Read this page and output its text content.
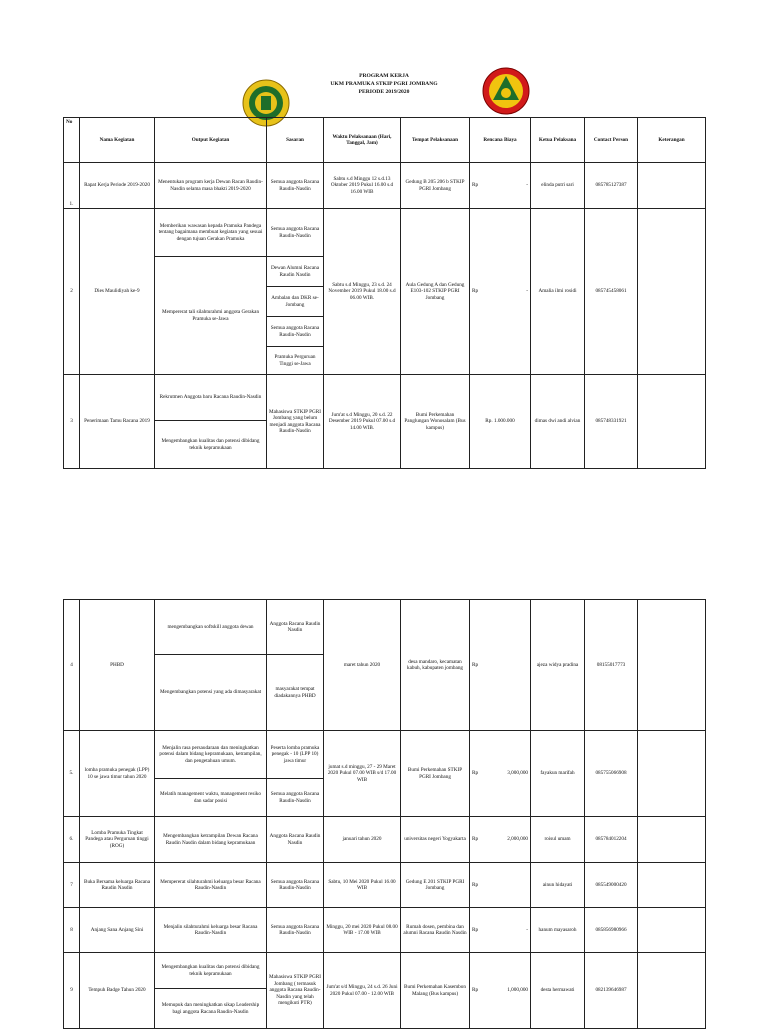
PROGRAM KERJA
UKM PRAMUKA STKIP PGRI JOMBANG
PERIODE 2019/2020
No	Nama Kegiatan	Output Kegiatan	Sasaran	Waktu Pelaksanaan (Hari, Tanggal, Jam)	Tempat Pelaksanaan	Rencana Biaya	Ketua Pelaksana	Contact Person	Keterangan
1.	Rapat Kerja Periode 2019-2020	Menentukan program kerja Dewan Racan Raudin-Nasdin selama masa bhakti 2019-2020	Semua anggota Racana Raudin-Nasdin	Sabtu s.d Minggu 12 s.d.13 Oktober 2019 Pukul 16.00 s.d 16.00 WIB	Gedung B 205 206 b STKIP PGRI Jombang	Rp -	elinda putri sari	085785127387	
2	Dies Maulidiyah ke-9	Memberikan wawasan kepada Pramuka Pandega tentang bagaimana membuat kegiatan yang sesuai dengan tujuan Gerakan Pramuka	Semua anggota Racana Raudin-Nasdin	Sabtu s.d Minggu, 23 s.d. 24 November 2019 Pukul 18.00 s.d 06.00 WIB.	Aula Gedung A dan Gedung E103-102 STKIP PGRI Jombang	Rp -	Amalia ilmi rosidi	085745458061	
		Mempererat tali silahturahmi anggota Gerakan Pramuka se-Jawa	Dewan Alumni Racana Raudin Nasdin						
			Ambalan dan DKR se-Jombang						
			Semua anggota Racana Raudin-Nasdin						
			Pramuka Perguruan Tinggi se-Jawa						
3	Penerimaan Tamu Racana 2019	Rekrutmen Anggota baru Racana Raudin-Nasdin	Mahasiswa STKIP PGRI Jombang yang belum menjadi anggota Racana Raudin-Nasdin	Jum'at s.d Minggu, 20 s.d. 22 Desember 2019 Pukul 07.00 s.d 14.00 WIB.	Bumi Perkemahan Panglungan Wonosalam (Bus kampus)	Rp. 1.000.000	dimas dwi andi alvian	085748331921	
		Mengembangkan kualitas dan potensi dibidang teknik kepramukaan							
4	PHBD	mengembangkan softskill anggota dewan	Anggota Racana Raudin Nasdin	maret tahun 2020	desa mandaro, kecamatan kabuh, kabupaten jombang	Rp	ajeza widya pradina	08155017773	
		Mengembangkan potensi yang ada dimasyarakat	masyarakat tempat diadakannya PHBD						
5.	lomba pramuka penegak (LPP) 10 se jawa timur tahun 2020	Menjalin rasa persaudaraan dan meningkatkan potensi dalam bidang kepramukaan, ketrampilan, dan pengetahuan umum.	Peserta lomba pramuka penegak - 10 (LPP 10) jawa timur	jumat s.d minggu, 27 - 29 Maret 2020 Pukul 07.00 WIB s/d 17.00 WIB	Bumi Perkemahan STKIP PGRI Jombang	Rp 3,000,000	fayakun marifah	085755066908	
		Melatih management waktu, management resiko dan sadar posisi	Semua anggota Racana Raudin-Nasdin						
6.	Lomba Pramuka Tingkat Pandega atau Perguruan tinggi (ROG)	Mengembangkan ketrampilan Dewan Racana Raudin Nasdin dalam bidang kepramukaan	Anggota Racana Raudin Nasdin	januari tahun 2020	universitas negeri Yogyakarta	Rp 2,000,000	roisul umam	085784012204	
7	Buka Bersama keluarga Racana Raudin Nasdin	Mempererat silahturahmi keluarga besar Racana Raudin-Nasdin	Semua anggota Racana Raudin-Nasdin	Sabtu, 10 Mei 2020 Pukul 16.00 WIB	Gedung E 201 STKIP PGRI Jombang	Rp	ainun hidayati	085549000420	
8	Anjang Sana Anjang Sini	Menjalin silahturahmi keluarga besar Racana Raudin-Nasdin	Semua anggota Racana Raudin-Nasdin	Minggu, 20 mei 2020 Pukul 08.00 WIB - 17.00 WIB	Rumah dosen, pembina dan alumni Racana Raudin Nasdin	Rp -	hanum mayasaroh	085856980966	
9	Tempuh Badge Tahun 2020	Mengembangkan kualitas dan potensi dibidang teknik kepramukaan	Mahasiswa STKIP PGRI Jombang ( termasuk anggota Racana Raudin-Nasdin yang telah mengikuti PTR)	Jum'at s/d Minggu, 24 s.d. 26 Juni 2020 Pukul 07.00 - 12.00 WIB	Bumi Perkemahan Kasembon Malang (Bus kampus)	Rp 1,000,000	desta hermawati	082139646987	
		Memupuk dan meningkatkan sikap Leadership bagi anggota Racana Raudin-Nasdin							
